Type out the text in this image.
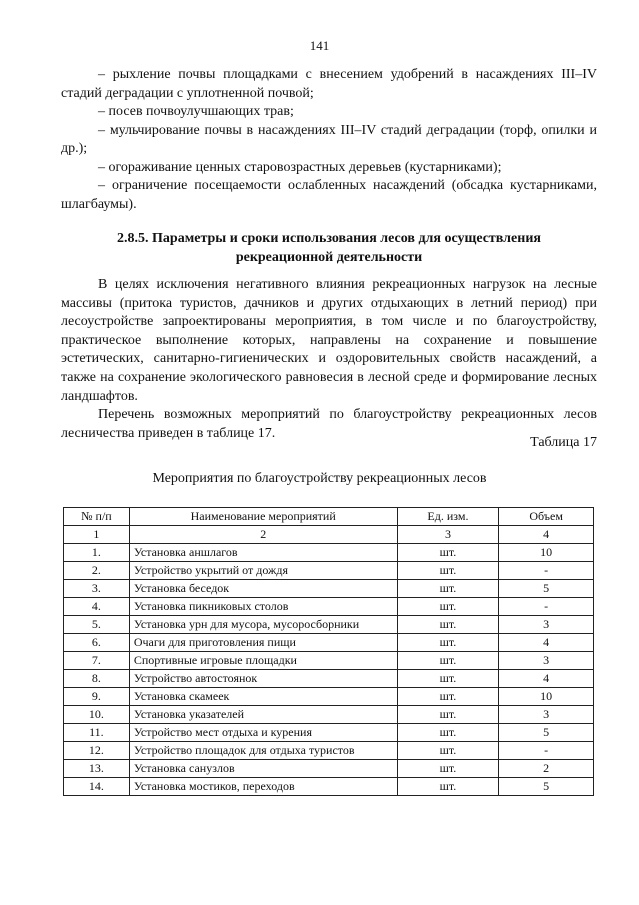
141

– рыхление почвы площадками с внесением удобрений в насаждениях III–IV стадий деградации с уплотненной почвой;

– посев почвоулучшающих трав;

– мульчирование почвы в насаждениях III–IV стадий деградации (торф, опилки и др.);

– огораживание ценных старовозрастных деревьев (кустарниками);

– ограничение посещаемости ослабленных насаждений (обсадка кустарниками, шлагбаумы).

2.8.5. Параметры и сроки использования лесов для осуществления
рекреационной деятельности

В целях исключения негативного влияния рекреационных нагрузок на лесные массивы (притока туристов, дачников и других отдыхающих в летний период) при лесоустройстве запроектированы мероприятия, в том числе и по благоустройству, практическое выполнение которых, направлены на сохранение и повышение эстетических, санитарно-гигиенических и оздоровительных свойств насаждений, а также на сохранение экологического равновесия в лесной среде и формирование лесных ландшафтов.

Перечень возможных мероприятий по благоустройству рекреационных лесов лесничества приведен в таблице 17.

Таблица 17
Мероприятия по благоустройству рекреационных лесов
№ п/п	Наименование мероприятий	Ед. изм.	Объем
1	2	3	4
1.	Установка аншлагов	шт.	10
2.	Устройство укрытий от дождя	шт.	-
3.	Установка беседок	шт.	5
4.	Установка пикниковых столов	шт.	-
5.	Установка урн для мусора, мусоросборники	шт.	3
6.	Очаги для приготовления пищи	шт.	4
7.	Спортивные игровые площадки	шт.	3
8.	Устройство автостоянок	шт.	4
9.	Установка скамеек	шт.	10
10.	Установка указателей	шт.	3
11.	Устройство мест отдыха и курения	шт.	5
12.	Устройство площадок для отдыха туристов	шт.	-
13.	Установка санузлов	шт.	2
14.	Установка мостиков, переходов	шт.	5
